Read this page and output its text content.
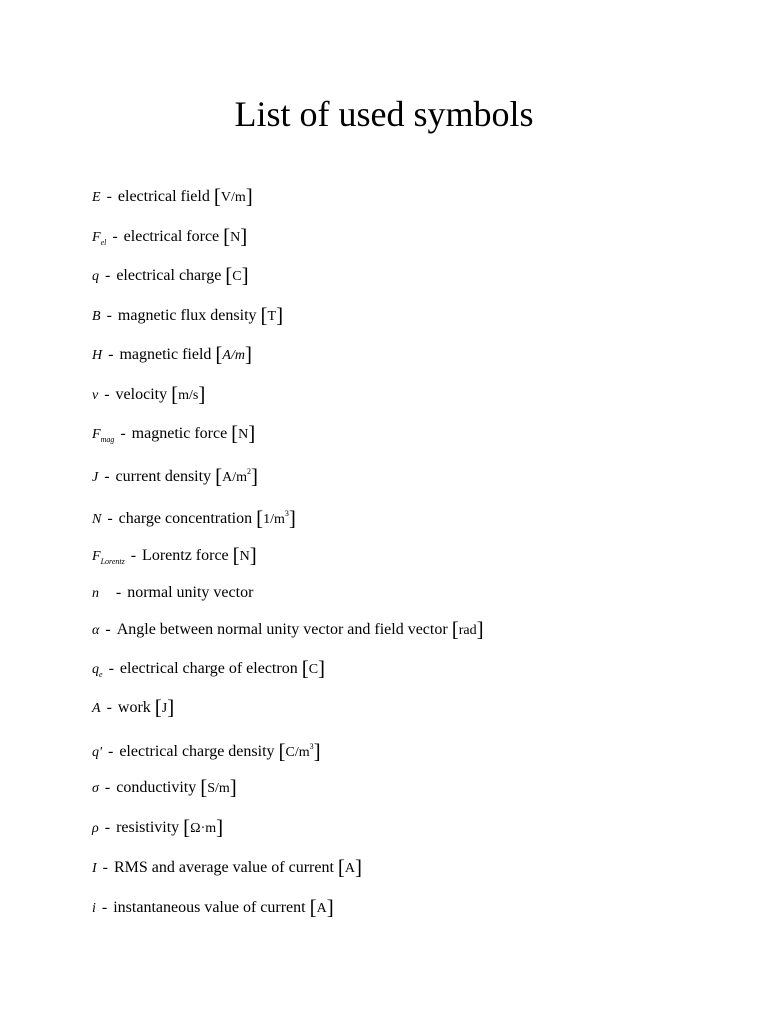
List of used symbols
E - electrical field [V/m]
$F_{el}$ - electrical force [N]
q - electrical charge [C]
B - magnetic flux density [T]
H - magnetic field [A/m]
v - velocity [m/s]
$F_{mag}$ - magnetic force [N]
J - current density $[A/m^2]$
N - charge concentration $[1/m^3]$
$F_{Lorentz}$ - Lorentz force [N]
n⃗ - normal unity vector
α - Angle between normal unity vector and field vector [rad]
$q_e$ - electrical charge of electron [C]
A - work [J]
q' - electrical charge density $[C/m^3]$
σ - conductivity [S/m]
ρ - resistivity [Ω·m]
I - RMS and average value of current [A]
i - instantaneous value of current [A]
